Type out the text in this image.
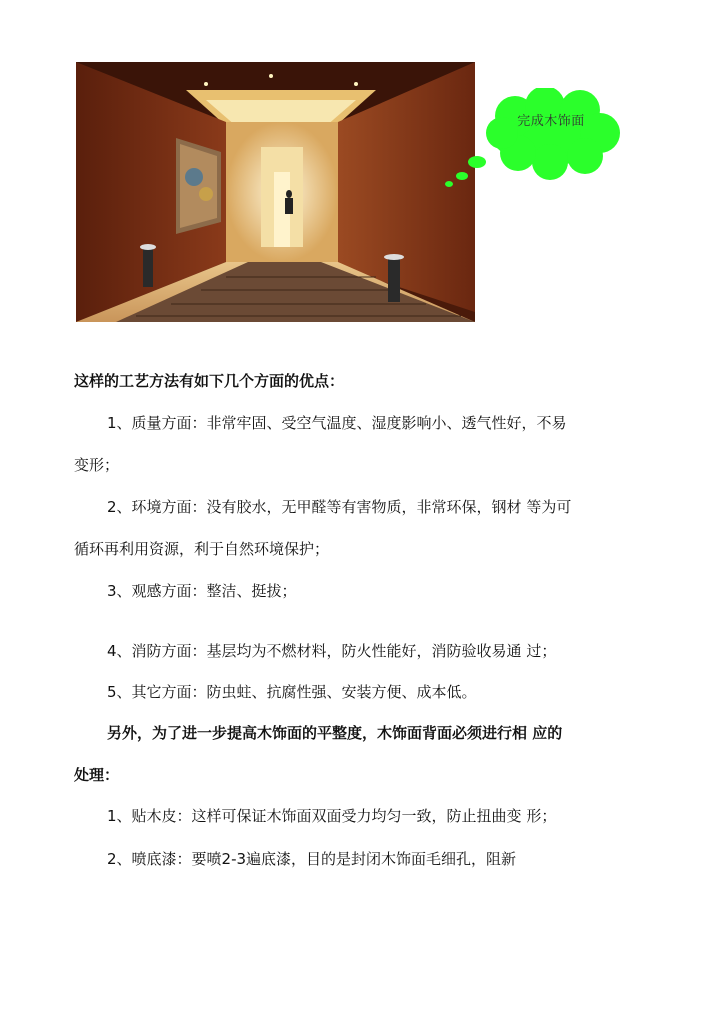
完成木饰面
这样的工艺方法有如下几个方面的优点：
1、质量方面：非常牢固、受空气温度、湿度影响小、透气性好，不易
变形；
2、环境方面：没有胶水，无甲醛等有害物质，非常环保，钢材 等为可
循环再利用资源，利于自然环境保护；
3、观感方面：整洁、挺拔；
4、消防方面：基层均为不燃材料，防火性能好，消防验收易通 过；
5、其它方面：防虫蛀、抗腐性强、安装方便、成本低。
另外，为了进一步提高木饰面的平整度，木饰面背面必须进行相 应的
处理：
1、贴木皮：这样可保证木饰面双面受力均匀一致，防止扭曲变 形；
2、喷底漆：要喷2-3遍底漆，目的是封闭木饰面毛细孔，阻新
